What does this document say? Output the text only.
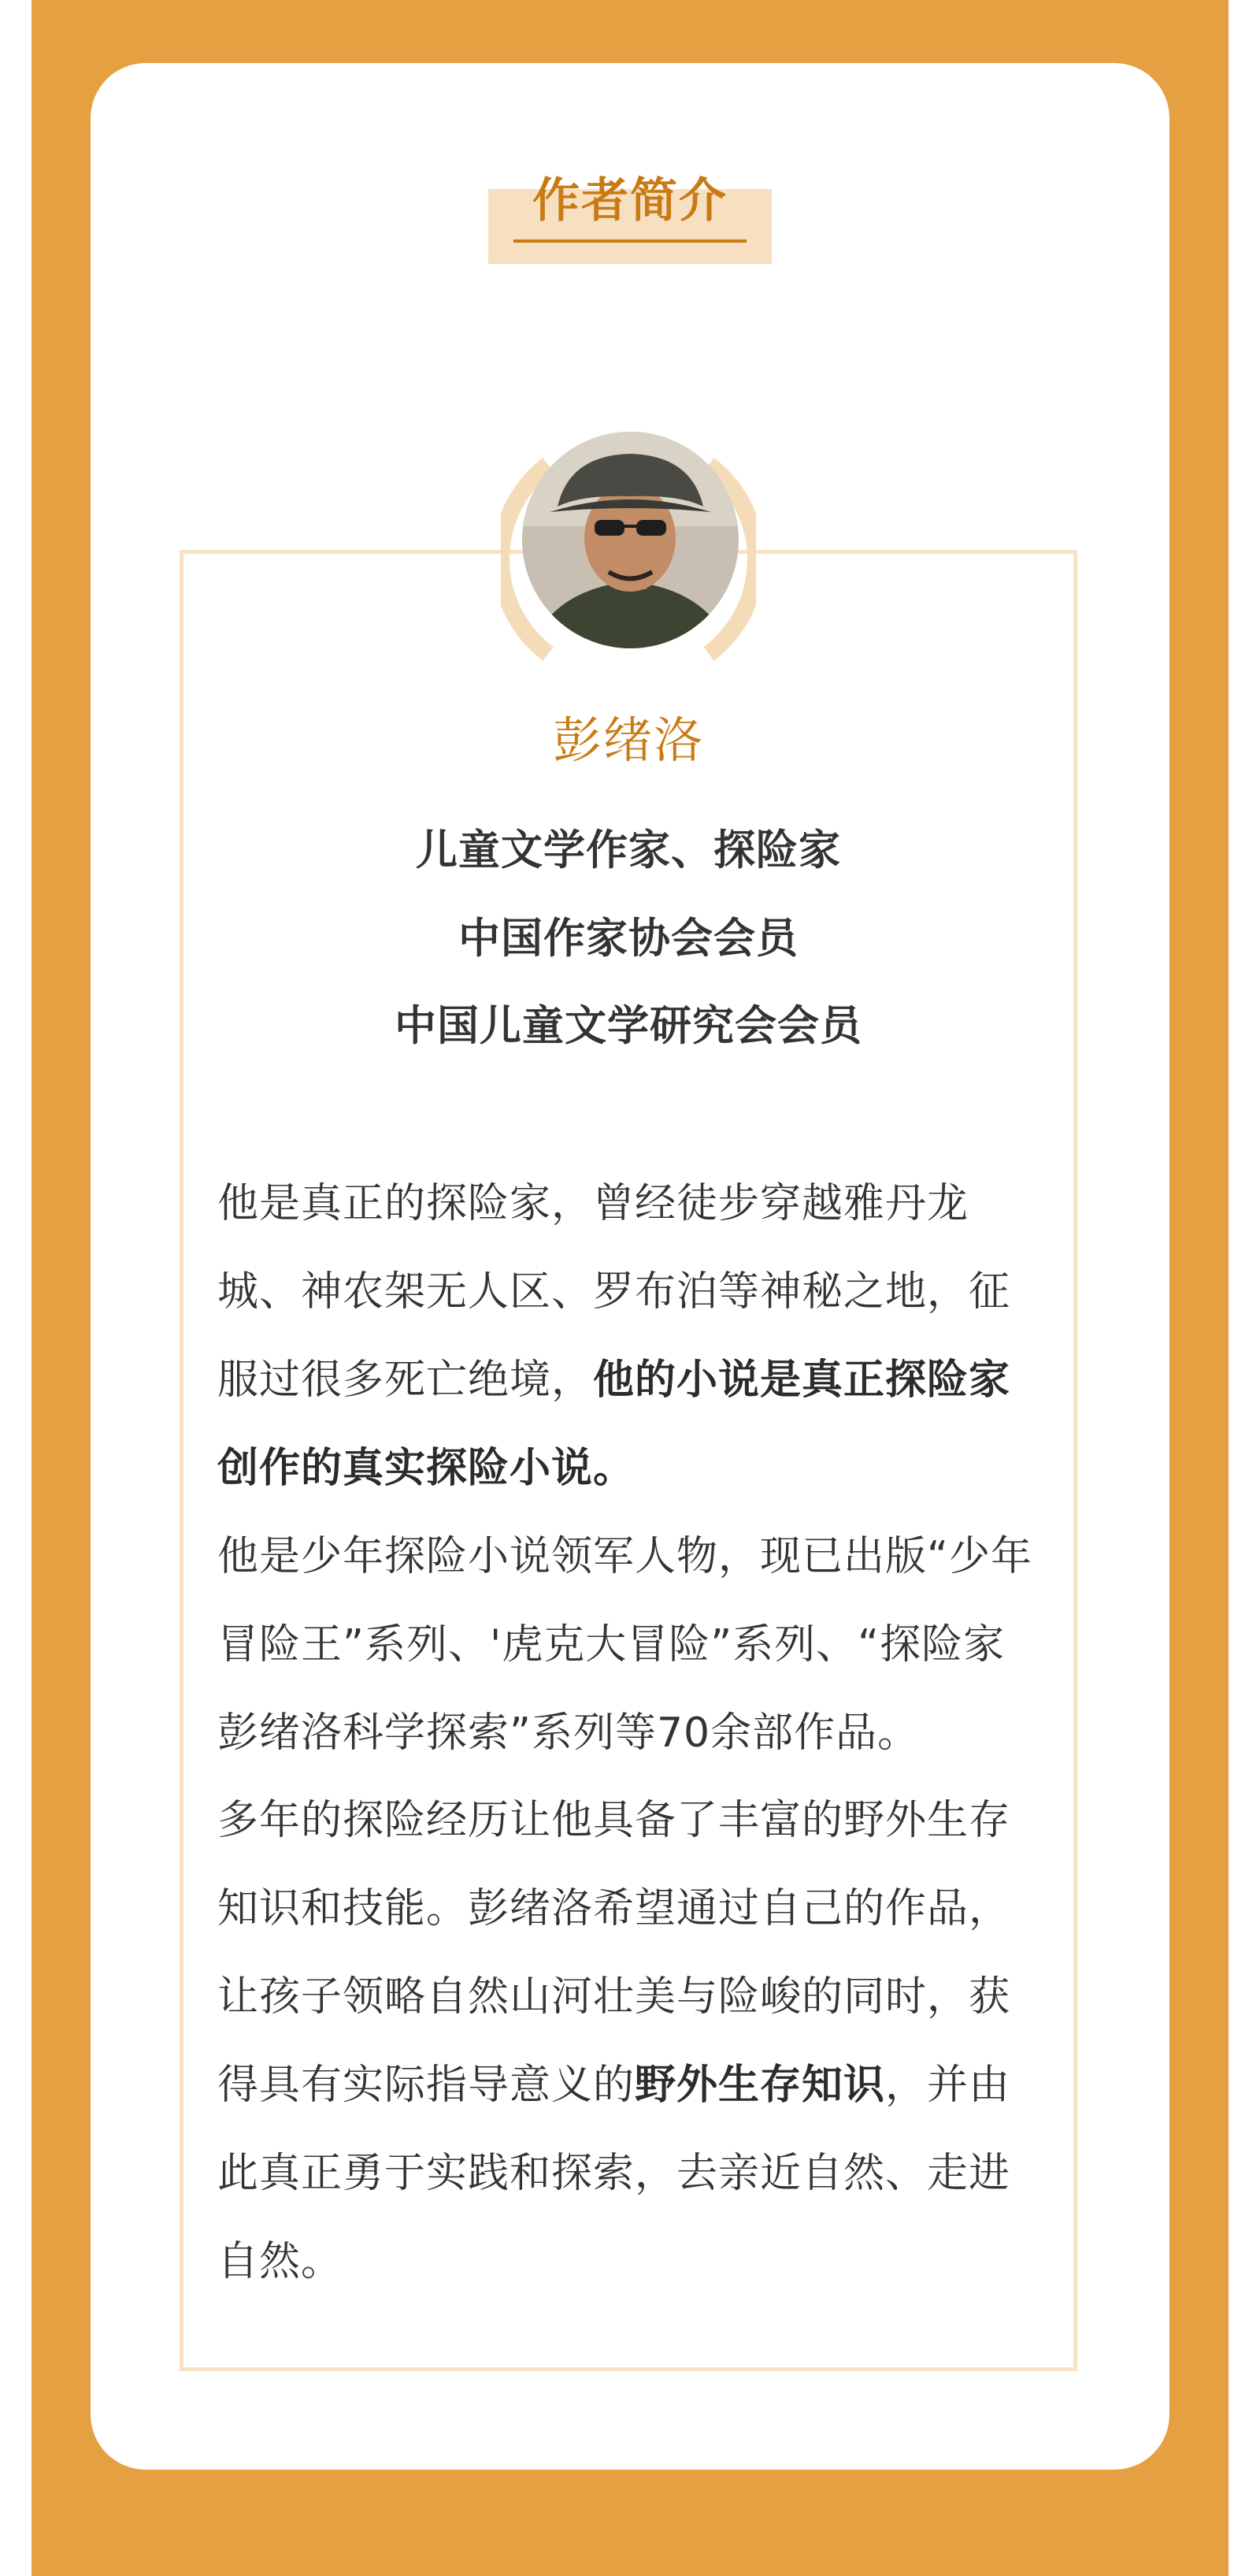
作者简介
彭绪洛
儿童文学作家、探险家
中国作家协会会员
中国儿童文学研究会会员

他是真正的探险家，曾经徒步穿越雅丹龙城、神农架无人区、罗布泊等神秘之地，征服过很多死亡绝境，他的小说是真正探险家创作的真实探险小说。

他是少年探险小说领军人物，现已出版“少年冒险王”系列、'虎克大冒险”系列、“探险家彭绪洛科学探索”系列等70余部作品。

多年的探险经历让他具备了丰富的野外生存知识和技能。彭绪洛希望通过自己的作品，让孩子领略自然山河壮美与险峻的同时，获得具有实际指导意义的野外生存知识，并由此真正勇于实践和探索，去亲近自然、走进自然。
